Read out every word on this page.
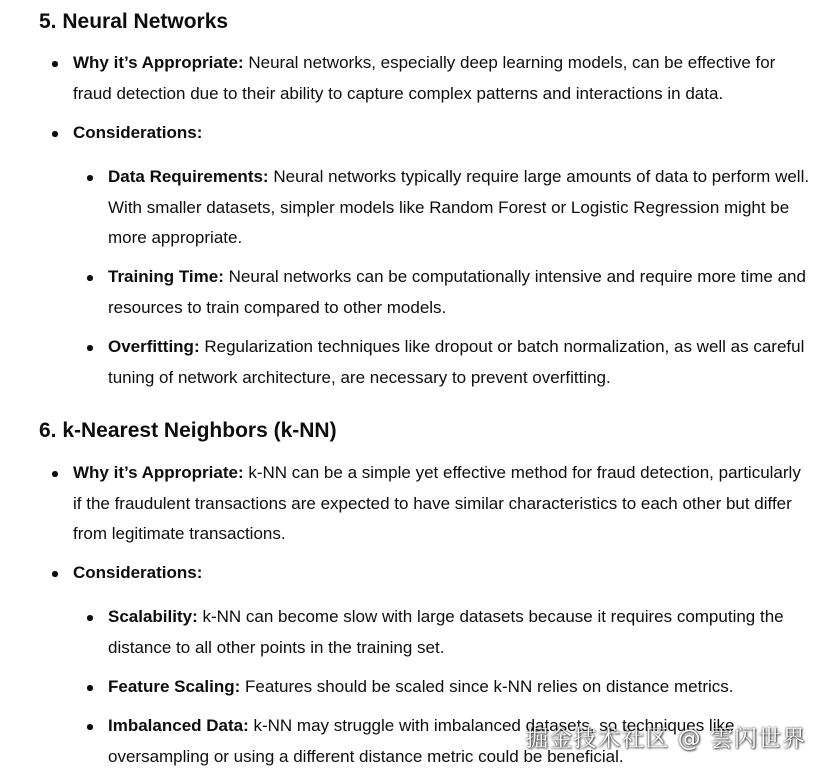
5. Neural Networks
Why it’s Appropriate: Neural networks, especially deep learning models, can be effective for fraud detection due to their ability to capture complex patterns and interactions in data.
Considerations:
Data Requirements: Neural networks typically require large amounts of data to perform well. With smaller datasets, simpler models like Random Forest or Logistic Regression might be more appropriate.
Training Time: Neural networks can be computationally intensive and require more time and resources to train compared to other models.
Overfitting: Regularization techniques like dropout or batch normalization, as well as careful tuning of network architecture, are necessary to prevent overfitting.
6. k-Nearest Neighbors (k-NN)
Why it’s Appropriate: k-NN can be a simple yet effective method for fraud detection, particularly if the fraudulent transactions are expected to have similar characteristics to each other but differ from legitimate transactions.
Considerations:
Scalability: k-NN can become slow with large datasets because it requires computing the distance to all other points in the training set.
Feature Scaling: Features should be scaled since k-NN relies on distance metrics.
Imbalanced Data: k-NN may struggle with imbalanced datasets, so techniques like oversampling or using a different distance metric could be beneficial.
掘金技术社区 @ 雲闪世界
